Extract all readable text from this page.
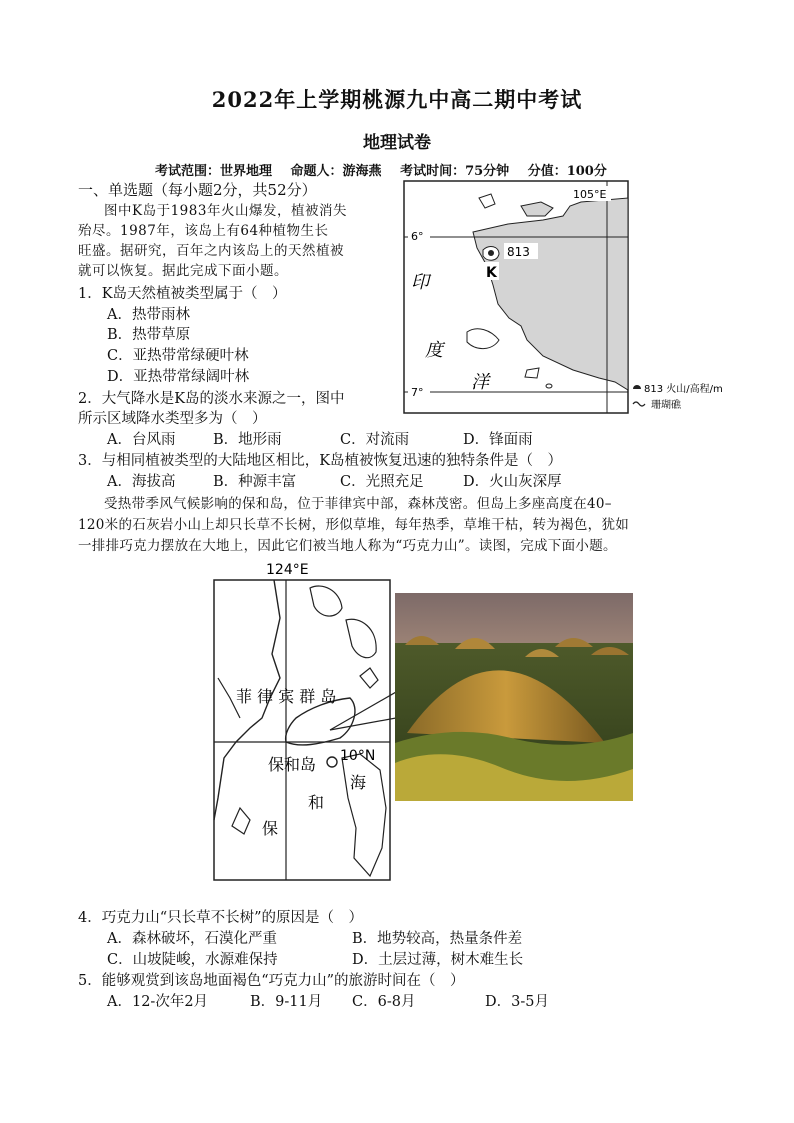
2022年上学期桃源九中高二期中考试
地理试卷
考试范围：世界地理 命题人：游海燕 考试时间：75分钟 分值：100分
一、单选题（每小题2分，共52分）
图中K岛于1983年火山爆发，植被消失
殆尽。1987年，该岛上有64种植物生长
旺盛。据研究，百年之内该岛上的天然植被
就可以恢复。据此完成下面小题。
1．K岛天然植被类型属于（　）
A．热带雨林
B．热带草原
C．亚热带常绿硬叶林
D．亚热带常绿阔叶林
2．大气降水是K岛的淡水来源之一，图中
所示区域降水类型多为（　）
A．台风雨	B．地形雨	C．对流雨	D．锋面雨
3．与相同植被类型的大陆地区相比，K岛植被恢复迅速的独特条件是（　）
A．海拔高	B．种源丰富	C．光照充足	D．火山灰深厚
受热带季风气候影响的保和岛，位于菲律宾中部，森林茂密。但岛上多座高度在40–
120米的石灰岩小山上却只长草不长树，形似草堆，每年热季，草堆干枯，转为褐色，犹如
一排排巧克力摆放在大地上，因此它们被当地人称为“巧克力山”。读图，完成下面小题。
105°E
6°
7°
813
K
印
度
洋	813 火山/高程/m
珊瑚礁
124°E
菲 律 宾 群 岛
保和岛 10°N
海
和
保
4．巧克力山“只长草不长树”的原因是（　）
A．森林破坏，石漠化严重	B．地势较高，热量条件差
C．山坡陡峻，水源难保持	D．土层过薄，树木难生长
5．能够观赏到该岛地面褐色“巧克力山”的旅游时间在（　）
A．12-次年2月	B．9-11月 C．6-8月	D．3-5月
